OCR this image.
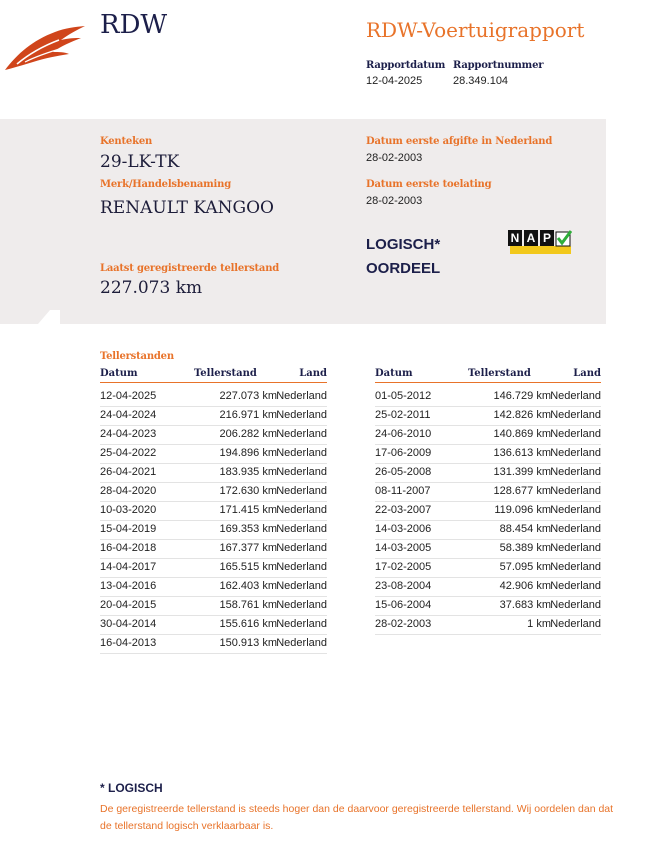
RDW	RDW-Voertuigrapport
Rapportdatum
12-04-2025
Rapportnummer
28.349.104
Kenteken
29-LK-TK
Merk/Handelsbenaming
RENAULT KANGOO
Datum eerste afgifte in Nederland
28-02-2003
Datum eerste toelating
28-02-2003
LOGISCH*
OORDEEL
N A P
Laatst geregistreerde tellerstand
227.073 km
Tellerstanden
Datum	Tellerstand	Land
12-04-2025	227.073 km Nederland
24-04-2024	216.971 km Nederland
24-04-2023	206.282 km Nederland
25-04-2022	194.896 km Nederland
26-04-2021	183.935 km Nederland
28-04-2020	172.630 km Nederland
10-03-2020	171.415 km Nederland
15-04-2019	169.353 km Nederland
16-04-2018	167.377 km Nederland
14-04-2017	165.515 km Nederland
13-04-2016	162.403 km Nederland
20-04-2015	158.761 km Nederland
30-04-2014	155.616 km Nederland
16-04-2013	150.913 km Nederland
Datum	Tellerstand	Land
01-05-2012	146.729 km Nederland
25-02-2011	142.826 km Nederland
24-06-2010	140.869 km Nederland
17-06-2009	136.613 km Nederland
26-05-2008	131.399 km Nederland
08-11-2007	128.677 km Nederland
22-03-2007	119.096 km Nederland
14-03-2006	88.454 km Nederland
14-03-2005	58.389 km Nederland
17-02-2005	57.095 km Nederland
23-08-2004	42.906 km Nederland
15-06-2004	37.683 km Nederland
28-02-2003	1 km Nederland
* LOGISCH
De geregistreerde tellerstand is steeds hoger dan de daarvoor geregistreerde tellerstand. Wij oordelen dan dat de tellerstand logisch verklaarbaar is.
